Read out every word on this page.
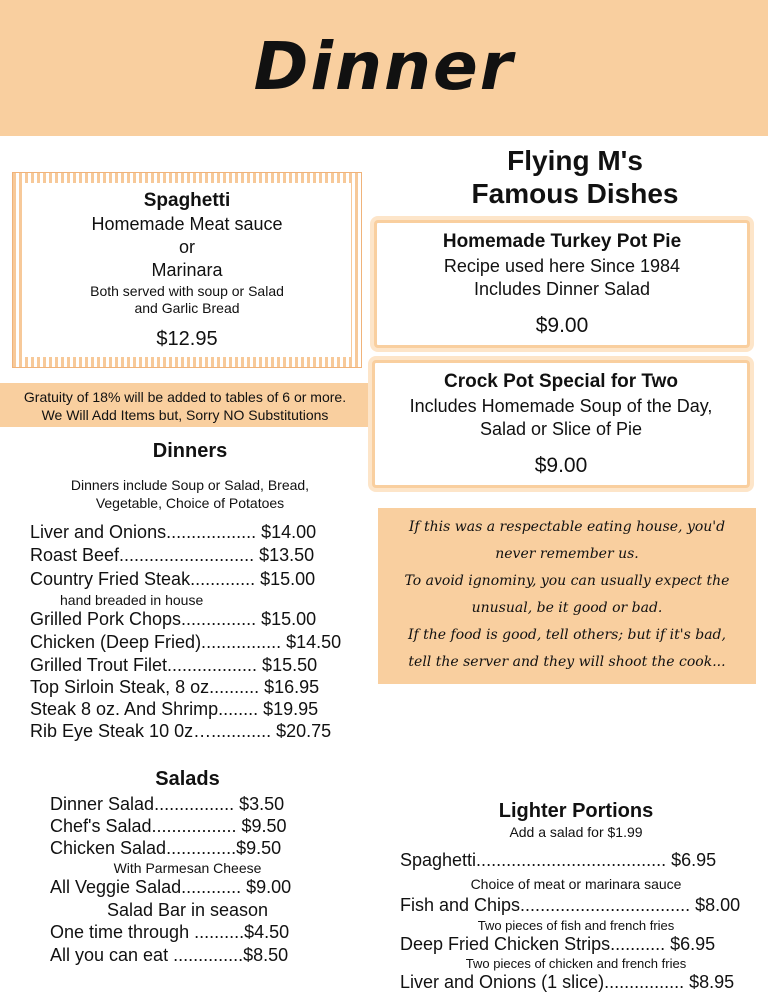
Dinner
Flying M's
Famous Dishes
Spaghetti
Homemade Meat sauce
or
Marinara
Both served with soup or Salad
and Garlic Bread
$12.95
Gratuity of 18% will be added to tables of 6 or more.
We Will Add Items but, Sorry NO Substitutions
Homemade Turkey Pot Pie
Recipe used here Since 1984
Includes Dinner Salad
$9.00
Crock Pot Special for Two
Includes Homemade Soup of the Day,
Salad or Slice of Pie
$9.00
If this was a respectable eating house, you'd
never remember us.
To avoid ignominy, you can usually expect the
unusual, be it good or bad.
If the food is good, tell others; but if it's bad,
tell the server and they will shoot the cook...
Dinners
Dinners include Soup or Salad, Bread,
Vegetable, Choice of Potatoes
Liver and Onions.................. $14.00
Roast Beef........................... $13.50
Country Fried Steak............. $15.00
hand breaded in house
Grilled Pork Chops............... $15.00
Chicken (Deep Fried)................ $14.50
Grilled Trout Filet.................. $15.50
Top Sirloin Steak, 8 oz.......... $16.95
Steak 8 oz. And Shrimp........ $19.95
Rib Eye Steak 10 0z…............ $20.75
Salads
Dinner Salad................ $3.50
Chef's Salad................. $9.50
Chicken Salad..............$9.50
With Parmesan Cheese
All Veggie Salad............ $9.00
Salad Bar in season
One time through ..........$4.50
All you can eat ..............$8.50
Lighter Portions
Add a salad for $1.99
Spaghetti...................................... $6.95
Choice of meat or marinara sauce
Fish and Chips.................................. $8.00
Two pieces of fish and french fries
Deep Fried Chicken Strips........... $6.95
Two pieces of chicken and french fries
Liver and Onions (1 slice)................ $8.95
